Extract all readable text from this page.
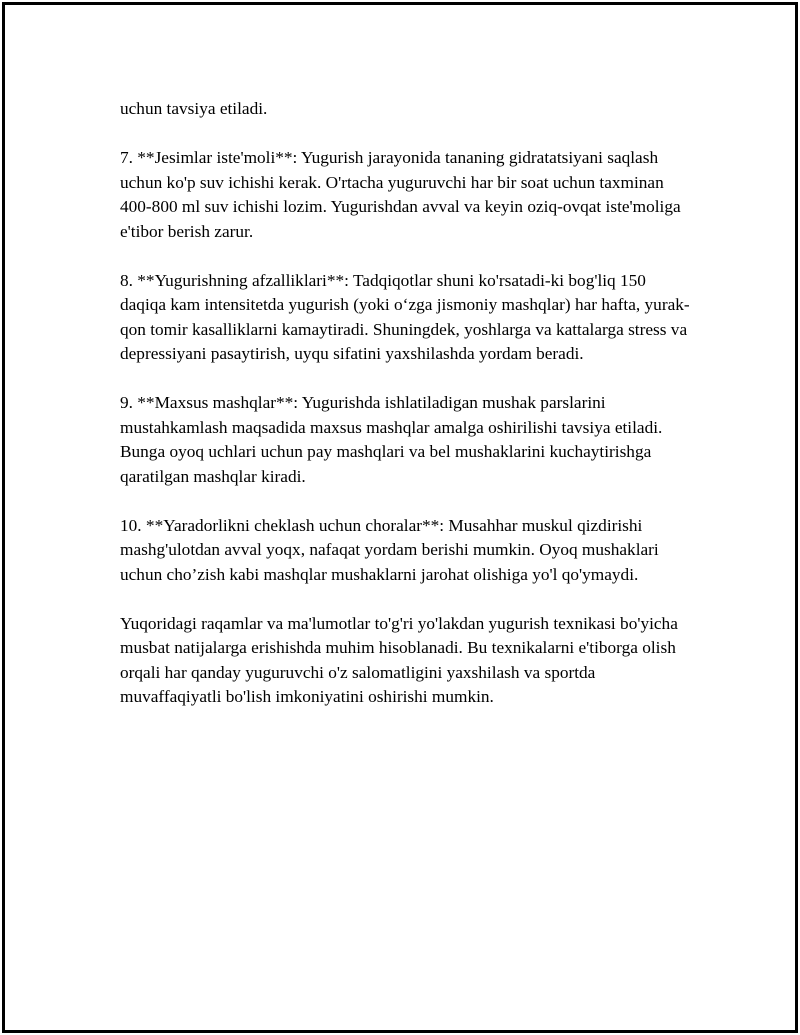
uchun tavsiya etiladi.

7. **Jesimlar iste'moli**: Yugurish jarayonida tananing gidratatsiyani saqlash uchun ko'p suv ichishi kerak. O'rtacha yuguruvchi har bir soat uchun taxminan 400-800 ml suv ichishi lozim. Yugurishdan avval va keyin oziq-ovqat iste'moliga e'tibor berish zarur.

8. **Yugurishning afzalliklari**: Tadqiqotlar shuni ko'rsatadi-ki bog'liq 150 daqiqa kam intensitetda yugurish (yoki o‘zga jismoniy mashqlar) har hafta, yurak-qon tomir kasalliklarni kamaytiradi. Shuningdek, yoshlarga va kattalarga stress va depressiyani pasaytirish, uyqu sifatini yaxshilashda yordam beradi.

9. **Maxsus mashqlar**: Yugurishda ishlatiladigan mushak parslarini mustahkamlash maqsadida maxsus mashqlar amalga oshirilishi tavsiya etiladi. Bunga oyoq uchlari uchun pay mashqlari va bel mushaklarini kuchaytirishga qaratilgan mashqlar kiradi.

10. **Yaradorlikni cheklash uchun choralar**: Musahhar muskul qizdirishi mashg'ulotdan avval yoqx, nafaqat yordam berishi mumkin. Oyoq mushaklari uchun cho’zish kabi mashqlar mushaklarni jarohat olishiga yo'l qo'ymaydi.

Yuqoridagi raqamlar va ma'lumotlar to'g'ri yo'lakdan yugurish texnikasi bo'yicha musbat natijalarga erishishda muhim hisoblanadi. Bu texnikalarni e'tiborga olish orqali har qanday yuguruvchi o'z salomatligini yaxshilash va sportda muvaffaqiyatli bo'lish imkoniyatini oshirishi mumkin.
